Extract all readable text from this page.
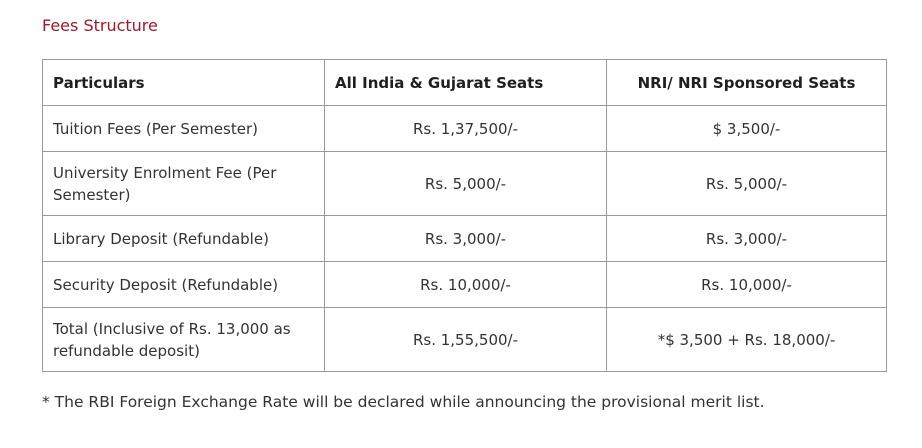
Fees Structure
Particulars	All India & Gujarat Seats	NRI/ NRI Sponsored Seats
Tuition Fees (Per Semester)	Rs. 1,37,500/-	$ 3,500/-
University Enrolment Fee (Per Semester)	Rs. 5,000/-	Rs. 5,000/-
Library Deposit (Refundable)	Rs. 3,000/-	Rs. 3,000/-
Security Deposit (Refundable)	Rs. 10,000/-	Rs. 10,000/-
Total (Inclusive of Rs. 13,000 as refundable deposit)	Rs. 1,55,500/-	*$ 3,500 + Rs. 18,000/-

* The RBI Foreign Exchange Rate will be declared while announcing the provisional merit list.
